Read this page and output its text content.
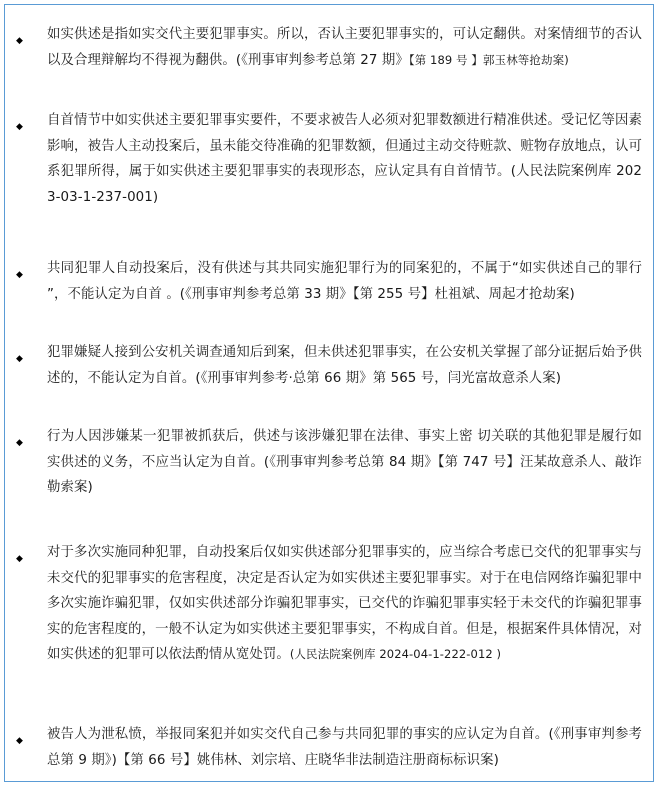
◆ 如实供述是指如实交代主要犯罪事实。所以，否认主要犯罪事实的，可认定翻供。对案情细节的否认以及合理辩解均不得视为翻供。(《刑事审判参考总第 27 期》【第 189 号 】郭玉林等抢劫案)
◆ 自首情节中如实供述主要犯罪事实要件，不要求被告人必须对犯罪数额进行精准供述。受记忆等因素影响，被告人主动投案后，虽未能交待准确的犯罪数额，但通过主动交待赃款、赃物存放地点，认可系犯罪所得，属于如实供述主要犯罪事实的表现形态，应认定具有自首情节。(人民法院案例库 2023-03-1-237-001)
◆ 共同犯罪人自动投案后，没有供述与其共同实施犯罪行为的同案犯的，不属于“如实供述自己的罪行 ”，不能认定为自首 。(《刑事审判参考总第 33 期》【第 255 号】杜祖斌、周起才抢劫案)
◆ 犯罪嫌疑人接到公安机关调查通知后到案，但未供述犯罪事实，在公安机关掌握了部分证据后始予供述的，不能认定为自首。(《刑事审判参考·总第 66 期》第 565 号，闫光富故意杀人案)
◆ 行为人因涉嫌某一犯罪被抓获后，供述与该涉嫌犯罪在法律、事实上密 切关联的其他犯罪是履行如实供述的义务，不应当认定为自首。(《刑事审判参考总第 84 期》【第 747 号】汪某故意杀人、敲诈勒索案)
◆ 对于多次实施同种犯罪，自动投案后仅如实供述部分犯罪事实的，应当综合考虑已交代的犯罪事实与未交代的犯罪事实的危害程度，决定是否认定为如实供述主要犯罪事实。对于在电信网络诈骗犯罪中多次实施诈骗犯罪，仅如实供述部分诈骗犯罪事实，已交代的诈骗犯罪事实轻于未交代的诈骗犯罪事实的危害程度的，一般不认定为如实供述主要犯罪事实，不构成自首。但是，根据案件具体情况，对如实供述的犯罪可以依法酌情从宽处罚。(人民法院案例库 2024-04-1-222-012 )
◆ 被告人为泄私愤，举报同案犯并如实交代自己参与共同犯罪的事实的应认定为自首。(《刑事审判参考总第 9 期》)【第 66 号】姚伟林、刘宗培、庄晓华非法制造注册商标标识案)
